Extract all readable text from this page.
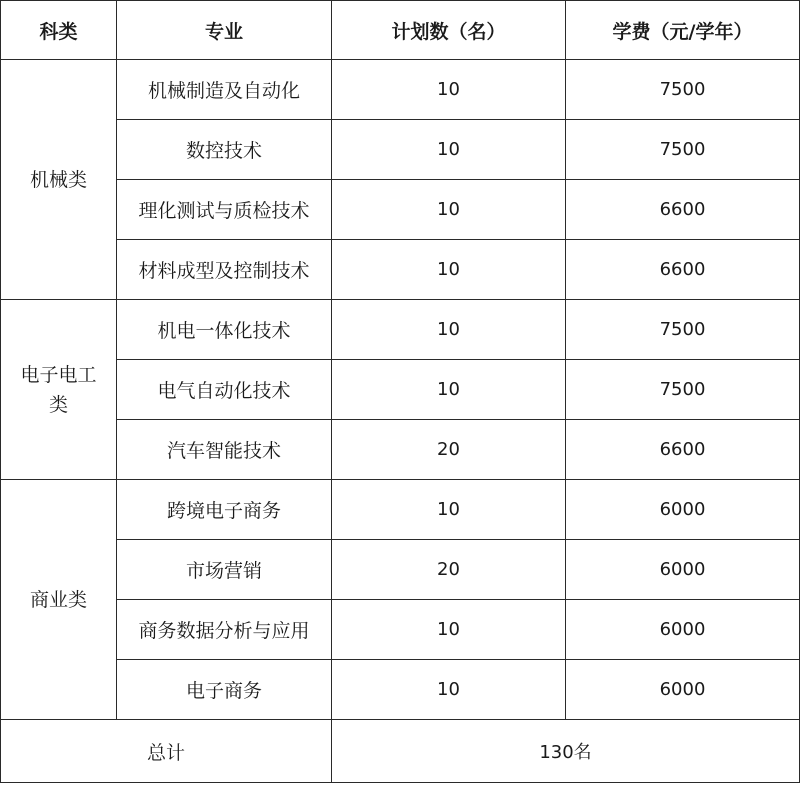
科类	专业	计划数（名）	学费（元/学年）
机械类	机械制造及自动化	10	7500
	数控技术	10	7500
	理化测试与质检技术	10	6600
	材料成型及控制技术	10	6600
电子电工类	机电一体化技术	10	7500
	电气自动化技术	10	7500
	汽车智能技术	20	6600
商业类	跨境电子商务	10	6000
	市场营销	20	6000
	商务数据分析与应用	10	6000
	电子商务	10	6000
总计		130名	
